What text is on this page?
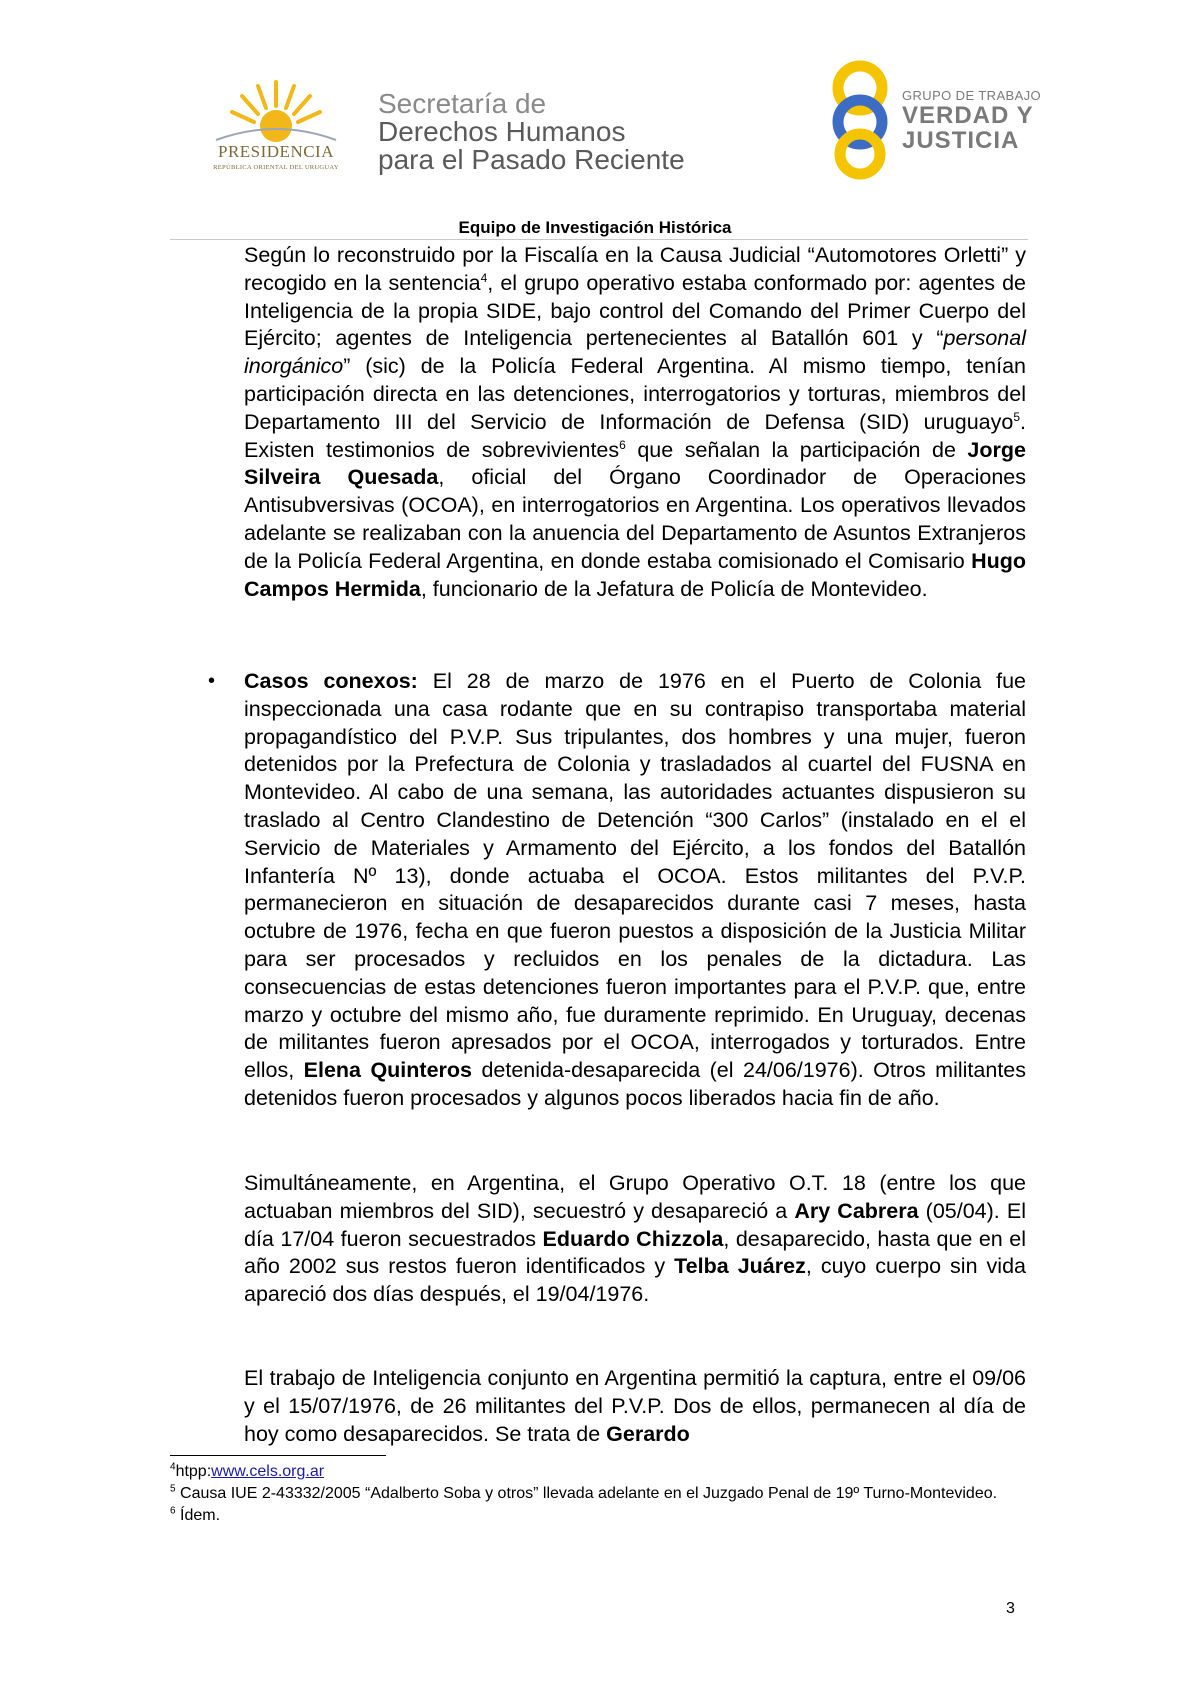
PRESIDENCIA
REPÚBLICA ORIENTAL DEL URUGUAY
Secretaría de
Derechos Humanos
para el Pasado Reciente
GRUPO DE TRABAJO
VERDAD Y
JUSTICIA
Equipo de Investigación Histórica

Según lo reconstruido por la Fiscalía en la Causa Judicial “Automotores Orletti” y recogido en la sentencia$^4$, el grupo operativo estaba conformado por: agentes de Inteligencia de la propia SIDE, bajo control del Comando del Primer Cuerpo del Ejército; agentes de Inteligencia pertenecientes al Batallón 601 y “personal inorgánico” (sic) de la Policía Federal Argentina. Al mismo tiempo, tenían participación directa en las detenciones, interrogatorios y torturas, miembros del Departamento III del Servicio de Información de Defensa (SID) uruguayo$^5$. Existen testimonios de sobrevivientes$^6$ que señalan la participación de Jorge Silveira Quesada, oficial del Órgano Coordinador de Operaciones Antisubversivas (OCOA), en interrogatorios en Argentina. Los operativos llevados adelante se realizaban con la anuencia del Departamento de Asuntos Extranjeros de la Policía Federal Argentina, en donde estaba comisionado el Comisario Hugo Campos Hermida, funcionario de la Jefatura de Policía de Montevideo.

• Casos conexos: El 28 de marzo de 1976 en el Puerto de Colonia fue inspeccionada una casa rodante que en su contrapiso transportaba material propagandístico del P.V.P. Sus tripulantes, dos hombres y una mujer, fueron detenidos por la Prefectura de Colonia y trasladados al cuartel del FUSNA en Montevideo. Al cabo de una semana, las autoridades actuantes dispusieron su traslado al Centro Clandestino de Detención “300 Carlos” (instalado en el el Servicio de Materiales y Armamento del Ejército, a los fondos del Batallón Infantería Nº 13), donde actuaba el OCOA. Estos militantes del P.V.P. permanecieron en situación de desaparecidos durante casi 7 meses, hasta octubre de 1976, fecha en que fueron puestos a disposición de la Justicia Militar para ser procesados y recluidos en los penales de la dictadura. Las consecuencias de estas detenciones fueron importantes para el P.V.P. que, entre marzo y octubre del mismo año, fue duramente reprimido. En Uruguay, decenas de militantes fueron apresados por el OCOA, interrogados y torturados. Entre ellos, Elena Quinteros detenida-desaparecida (el 24/06/1976). Otros militantes detenidos fueron procesados y algunos pocos liberados hacia fin de año.

Simultáneamente, en Argentina, el Grupo Operativo O.T. 18 (entre los que actuaban miembros del SID), secuestró y desapareció a Ary Cabrera (05/04). El día 17/04 fueron secuestrados Eduardo Chizzola, desaparecido, hasta que en el año 2002 sus restos fueron identificados y Telba Juárez, cuyo cuerpo sin vida apareció dos días después, el 19/04/1976.

El trabajo de Inteligencia conjunto en Argentina permitió la captura, entre el 09/06 y el 15/07/1976, de 26 militantes del P.V.P. Dos de ellos, permanecen al día de hoy como desaparecidos. Se trata de Gerardo

$^4$htpp:www.cels.org.ar
$^5$ Causa IUE 2-43332/2005 “Adalberto Soba y otros” llevada adelante en el Juzgado Penal de 19º Turno-Montevideo.
$^6$ Ídem.
3
